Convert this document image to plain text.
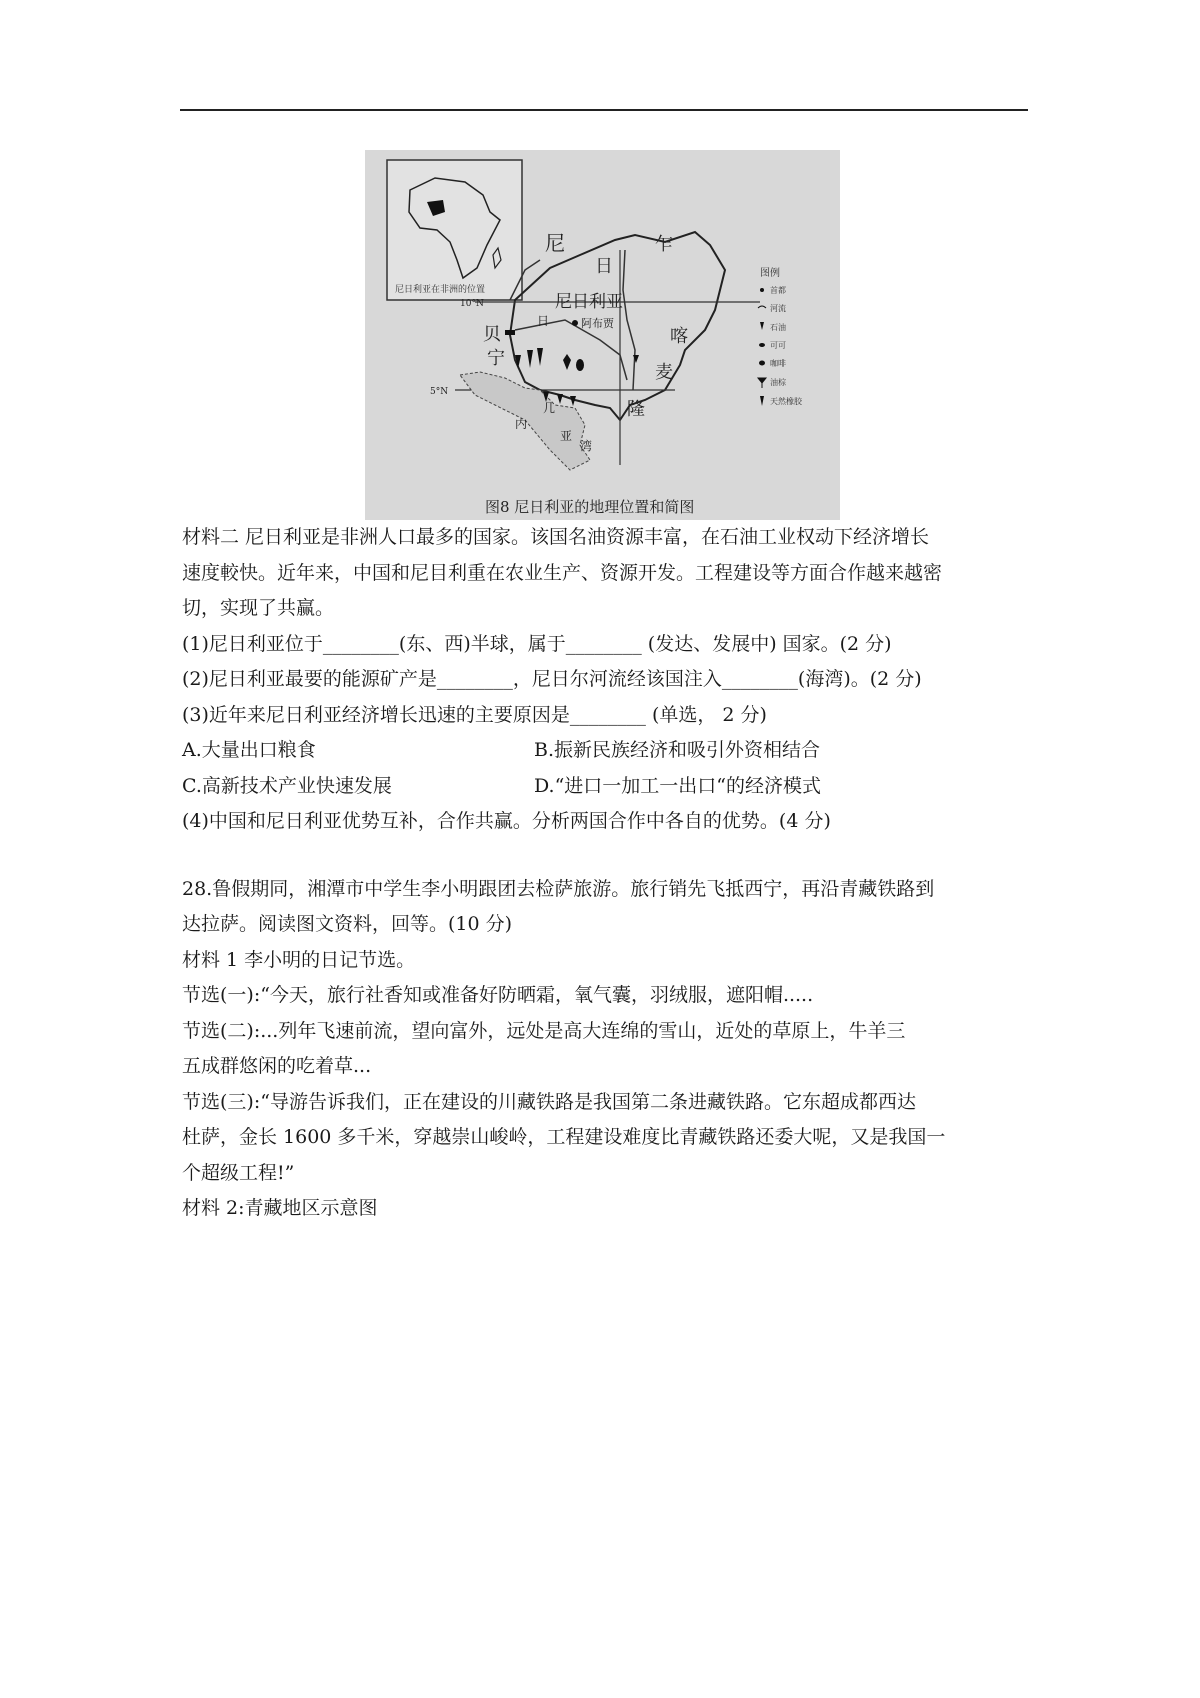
尼日利亚在非洲的位置
尼
日
乍
10°N
5°N
尼日利亚
贝
宁
喀
麦
隆
阿布贾
日
几
内
亚
湾
图例
首都
河流
石油
可可
咖啡
油棕
天然橡胶
图8 尼日利亚的地理位置和简图
材料二 尼日利亚是非洲人口最多的国家。该国名油资源丰富，在石油工业权动下经济增长
速度較快。近年来，中国和尼目利重在农业生产、资源开发。工程建设等方面合作越来越密
切，实现了共赢。
(1)尼日利亚位于________(东、西)半球，属于________ (发达、发展中) 国家。(2 分)
(2)尼日利亚最要的能源矿产是________，尼日尔河流经该国注入________(海湾)。(2 分)
(3)近年来尼日利亚经济增长迅速的主要原因是________ (单选， 2 分)
A.大量出口粮食	B.振新民族经济和吸引外资相结合
C.高新技术产业快速发展	D.“进口一加工一出口“的经济模式
(4)中国和尼日利亚优势互补，合作共赢。分析两国合作中各自的优势。(4 分)
28.鲁假期同，湘潭市中学生李小明跟团去检萨旅游。旅行销先飞抵西宁，再沿青藏铁路到
达拉萨。阅读图文资料，回等。(10 分)
材料 1 李小明的日记节选。
节选(一):“今天，旅行社香知或准备好防晒霜，氧气囊，羽绒服，遮阳帽.....
节选(二):...列年飞速前流，望向富外，远处是高大连绵的雪山，近处的草原上，牛羊三
五成群悠闲的吃着草...
节选(三):“导游告诉我们，正在建设的川藏铁路是我国第二条进藏铁路。它东超成都西达
杜萨，金长 1600 多千米，穿越崇山峻岭，工程建设难度比青藏铁路还委大呢，又是我国一
个超级工程!”
材料 2:青藏地区示意图
